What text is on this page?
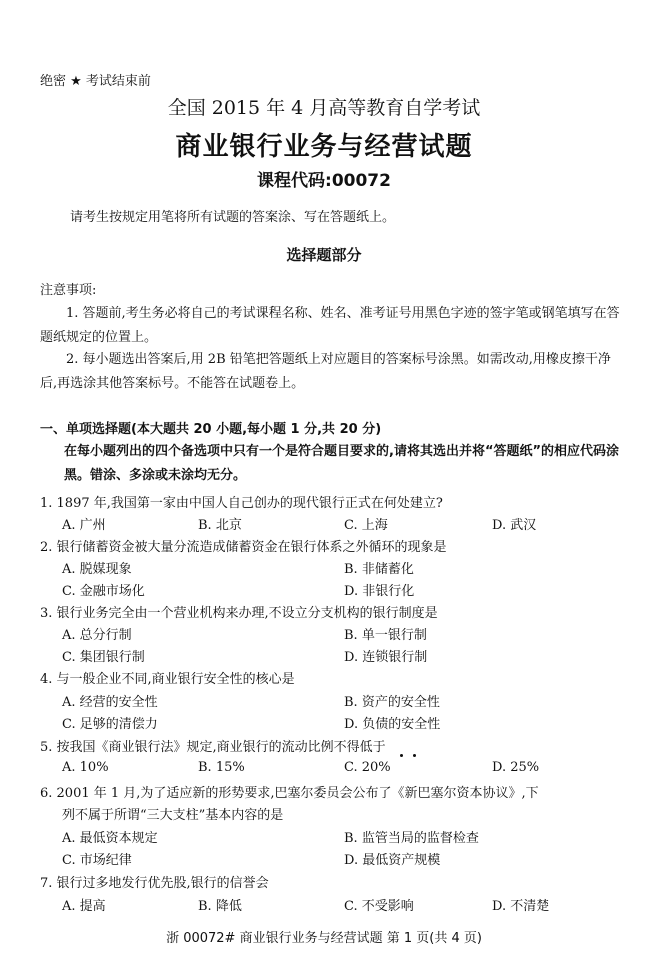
绝密 ★ 考试结束前
全国 2015 年 4 月高等教育自学考试
商业银行业务与经营试题
课程代码:00072
请考生按规定用笔将所有试题的答案涂、写在答题纸上。
选择题部分
注意事项:
1. 答题前,考生务必将自己的考试课程名称、姓名、准考证号用黑色字迹的签字笔或钢笔填写在答题纸规定的位置上。
2. 每小题选出答案后,用 2B 铅笔把答题纸上对应题目的答案标号涂黑。如需改动,用橡皮擦干净后,再选涂其他答案标号。不能答在试题卷上。
一、单项选择题(本大题共 20 小题,每小题 1 分,共 20 分)
在每小题列出的四个备选项中只有一个是符合题目要求的,请将其选出并将“答题纸”的相应代码涂黑。错涂、多涂或未涂均无分。
1. 1897 年,我国第一家由中国人自己创办的现代银行正式在何处建立?
A. 广州	B. 北京	C. 上海	D. 武汉
2. 银行储蓄资金被大量分流造成储蓄资金在银行体系之外循环的现象是
A. 脱媒现象	B. 非储蓄化
C. 金融市场化	D. 非银行化
3. 银行业务完全由一个营业机构来办理,不设立分支机构的银行制度是
A. 总分行制	B. 单一银行制
C. 集团银行制	D. 连锁银行制
4. 与一般企业不同,商业银行安全性的核心是
A. 经营的安全性	B. 资产的安全性
C. 足够的清偿力	D. 负债的安全性
5. 按我国《商业银行法》规定,商业银行的流动比例不得低于
A. 10%	B. 15%	C. 20%	D. 25%
6. 2001 年 1 月,为了适应新的形势要求,巴塞尔委员会公布了《新巴塞尔资本协议》,下
列不属于所谓“三大支柱”基本内容的是
A. 最低资本规定	B. 监管当局的监督检查
C. 市场纪律	D. 最低资产规模
7. 银行过多地发行优先股,银行的信誉会
A. 提高	B. 降低	C. 不受影响	D. 不清楚
浙 00072# 商业银行业务与经营试题 第 1 页(共 4 页)
